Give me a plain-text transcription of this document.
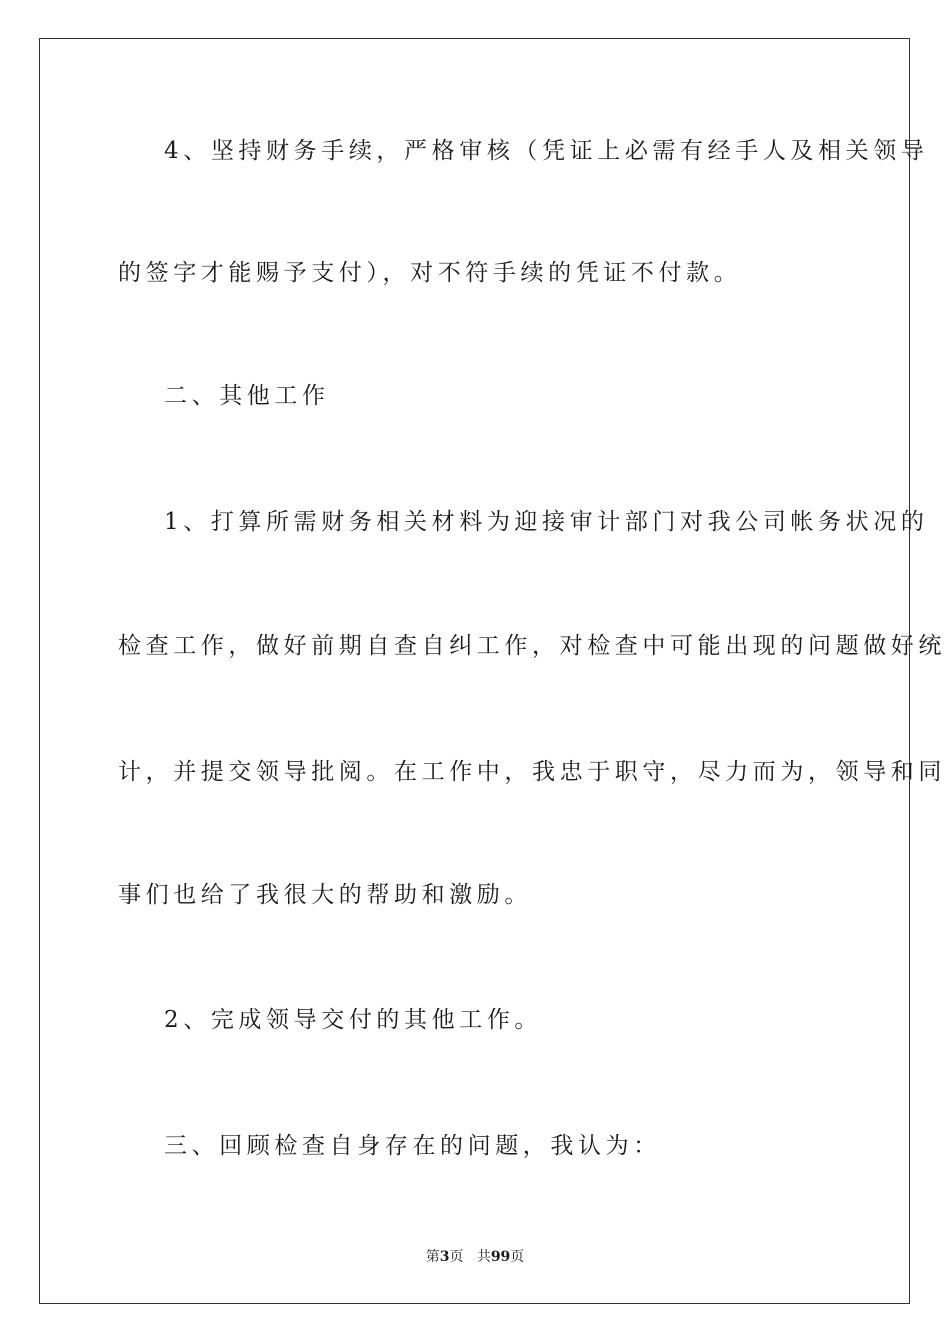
4、坚持财务手续，严格审核（凭证上必需有经手人及相关领导
的签字才能赐予支付），对不符手续的凭证不付款。
二、其他工作
1、打算所需财务相关材料为迎接审计部门对我公司帐务状况的
检查工作，做好前期自查自纠工作，对检查中可能出现的问题做好统
计，并提交领导批阅。在工作中，我忠于职守，尽力而为，领导和同
事们也给了我很大的帮助和激励。
2、完成领导交付的其他工作。
三、回顾检查自身存在的问题，我认为：
第3页 共99页
